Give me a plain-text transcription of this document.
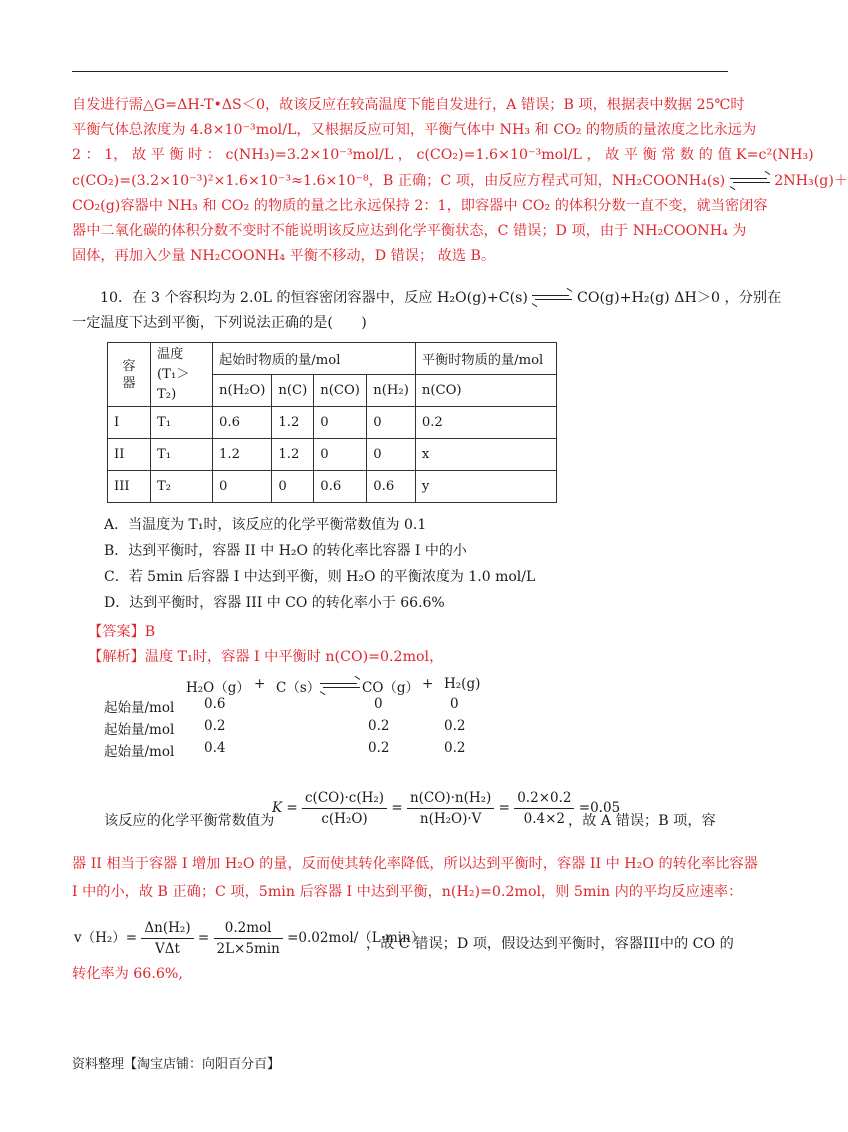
自发进行需△G=ΔH-T•ΔS＜0，故该反应在较高温度下能自发进行，A 错误；B 项，根据表中数据 25℃时
平衡气体总浓度为 4.8×10⁻³mol/L，又根据反应可知，平衡气体中 NH₃ 和 CO₂ 的物质的量浓度之比永远为
2 ： 1， 故 平 衡 时 ： c(NH₃)=3.2×10⁻³mol/L ， c(CO₂)=1.6×10⁻³mol/L ， 故 平 衡 常 数 的 值 K=c²(NH₃)
c(CO₂)=(3.2×10⁻³)²×1.6×10⁻³≈1.6×10⁻⁸，B 正确；C 项，由反应方程式可知，NH₂COONH₄(s)	2NH₃(g)＋
CO₂(g)容器中 NH₃ 和 CO₂ 的物质的量之比永远保持 2：1，即容器中 CO₂ 的体积分数一直不变，就当密闭容
器中二氧化碳的体积分数不变时不能说明该反应达到化学平衡状态，C 错误；D 项，由于 NH₂COONH₄ 为
固体，再加入少量 NH₂COONH₄ 平衡不移动，D 错误； 故选 B。
10．在 3 个容积均为 2.0L 的恒容密闭容器中，反应 H₂O(g)+C(s)	CO(g)+H₂(g) ΔH＞0 ，分别在
一定温度下达到平衡，下列说法正确的是(　　)
容器	温度
(T₁＞T₂)	起始时物质的量/mol				平衡时物质的量/mol
		n(H₂O)	n(C)	n(CO)	n(H₂)	n(CO)
I	T₁	0.6	1.2	0	0	0.2
II	T₁	1.2	1.2	0	0	x
III	T₂	0	0	0.6	0.6	y
A．当温度为 T₁时，该反应的化学平衡常数值为 0.1
B．达到平衡时，容器 II 中 H₂O 的转化率比容器 I 中的小
C．若 5min 后容器 I 中达到平衡，则 H₂O 的平衡浓度为 1.0 mol/L
D．达到平衡时，容器 III 中 CO 的转化率小于 66.6%
【答案】B
【解析】温度 T₁时，容器 I 中平衡时 n(CO)=0.2mol，
H₂O（g） + C（s）	CO（g） + H₂(g)
起始量/mol 0.6	0	0
起始量/mol 0.2	0.2	0.2
起始量/mol 0.4	0.2	0.2
该反应的化学平衡常数值为
$K = \frac{\text{c(CO)·c(H₂)}}{\text{c(H₂O)}} = \frac{\text{n(CO)·n(H₂)}}{\text{n(H₂O)·V}} = \frac{0.2\times 0.2}{0.4\times 2} =0.05$
，故 A 错误；B 项，容
器 II 相当于容器 I 增加 H₂O 的量，反而使其转化率降低，所以达到平衡时，容器 II 中 H₂O 的转化率比容器
I 中的小，故 B 正确；C 项，5min 后容器 I 中达到平衡，n(H₂)=0.2mol，则 5min 内的平均反应速率：
$v(H_2)= \frac{\text{Δn(H₂)}}{\text{VΔt}} = \frac{\text{0.2mol}}{2L\times 5\min} =0.02mol/(L\cdot\min)$
，故 C 错误；D 项，假设达到平衡时，容器III中的 CO 的
转化率为 66.6%,
资料整理【淘宝店铺：向阳百分百】
